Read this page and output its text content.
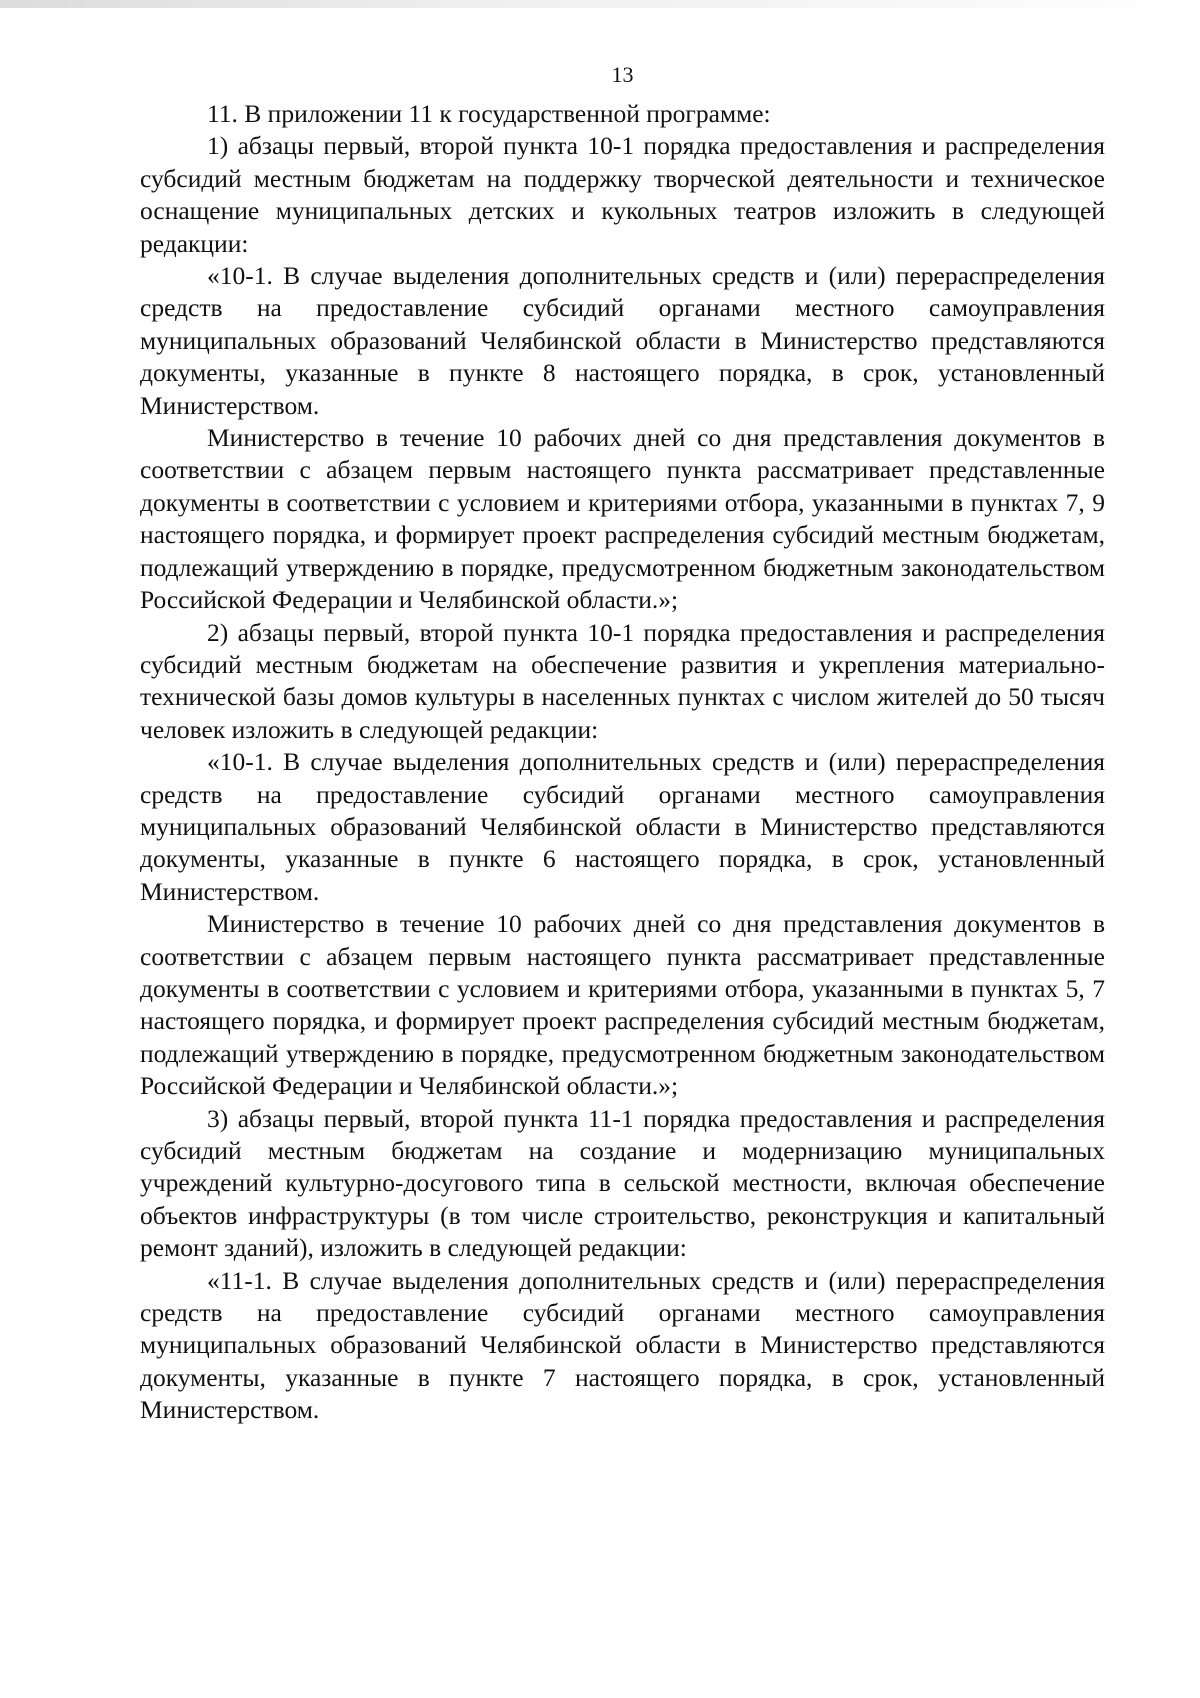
13

11. В приложении 11 к государственной программе:

1) абзацы первый, второй пункта 10-1 порядка предоставления и распределения субсидий местным бюджетам на поддержку творческой деятельности и техническое оснащение муниципальных детских и кукольных театров изложить в следующей редакции:

«10-1. В случае выделения дополнительных средств и (или) перераспределения средств на предоставление субсидий органами местного самоуправления муниципальных образований Челябинской области в Министерство представляются документы, указанные в пункте 8 настоящего порядка, в срок, установленный Министерством.

Министерство в течение 10 рабочих дней со дня представления документов в соответствии с абзацем первым настоящего пункта рассматривает представленные документы в соответствии с условием и критериями отбора, указанными в пунктах 7, 9 настоящего порядка, и формирует проект распределения субсидий местным бюджетам, подлежащий утверждению в порядке, предусмотренном бюджетным законодательством Российской Федерации и Челябинской области.»;

2) абзацы первый, второй пункта 10-1 порядка предоставления и распределения субсидий местным бюджетам на обеспечение развития и укрепления материально-технической базы домов культуры в населенных пунктах с числом жителей до 50 тысяч человек изложить в следующей редакции:

«10-1. В случае выделения дополнительных средств и (или) перераспределения средств на предоставление субсидий органами местного самоуправления муниципальных образований Челябинской области в Министерство представляются документы, указанные в пункте 6 настоящего порядка, в срок, установленный Министерством.

Министерство в течение 10 рабочих дней со дня представления документов в соответствии с абзацем первым настоящего пункта рассматривает представленные документы в соответствии с условием и критериями отбора, указанными в пунктах 5, 7 настоящего порядка, и формирует проект распределения субсидий местным бюджетам, подлежащий утверждению в порядке, предусмотренном бюджетным законодательством Российской Федерации и Челябинской области.»;

3) абзацы первый, второй пункта 11-1 порядка предоставления и распределения субсидий местным бюджетам на создание и модернизацию муниципальных учреждений культурно-досугового типа в сельской местности, включая обеспечение объектов инфраструктуры (в том числе строительство, реконструкция и капитальный ремонт зданий), изложить в следующей редакции:

«11-1. В случае выделения дополнительных средств и (или) перераспределения средств на предоставление субсидий органами местного самоуправления муниципальных образований Челябинской области в Министерство представляются документы, указанные в пункте 7 настоящего порядка, в срок, установленный Министерством.
